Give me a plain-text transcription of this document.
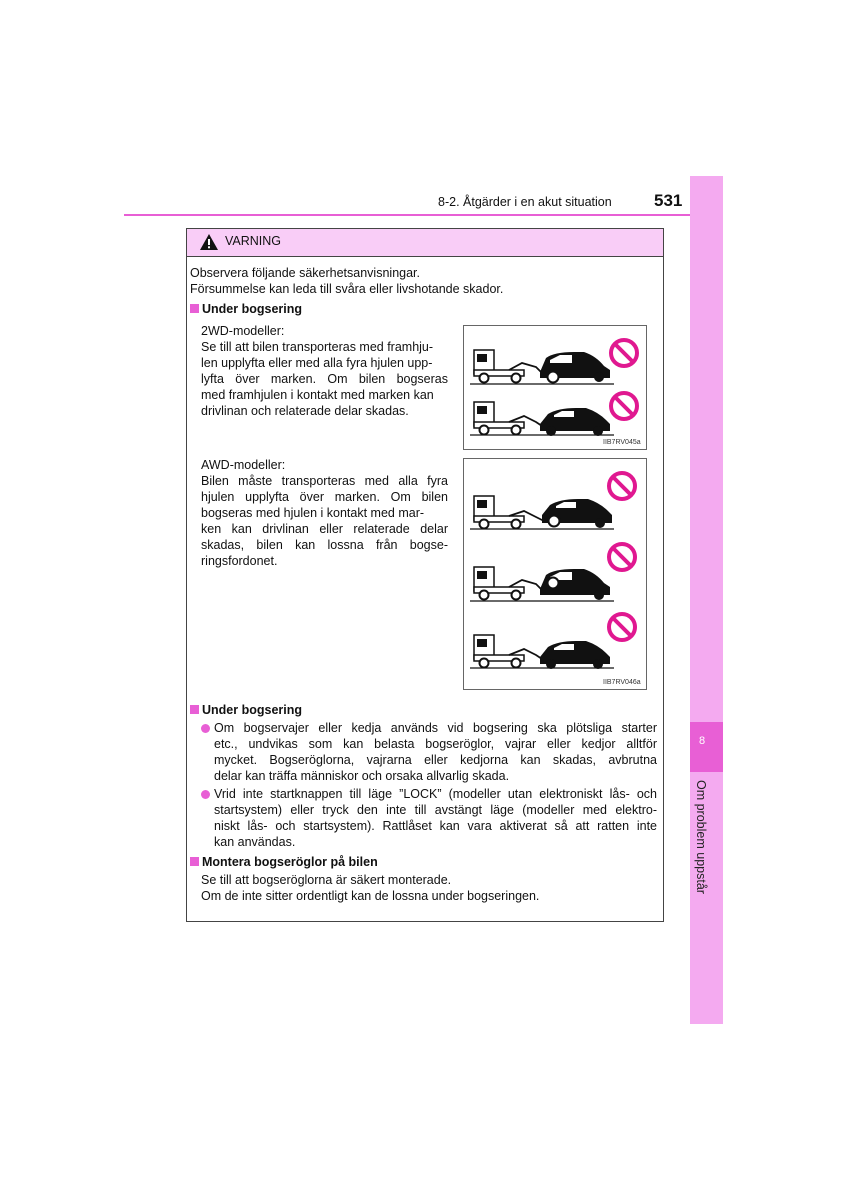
8-2. Åtgärder i en akut situation 531
8
Om problem uppstår
VARNING
Observera följande säkerhetsanvisningar.
Försummelse kan leda till svåra eller livshotande skador.
Under bogsering
2WD-modeller:
Se till att bilen transporteras med framhju-
len upplyfta eller med alla fyra hjulen upp-
lyfta över marken. Om bilen bogseras
med framhjulen i kontakt med marken kan
drivlinan och relaterade delar skadas.
IIB7RV045a
AWD-modeller:
Bilen måste transporteras med alla fyra
hjulen upplyfta över marken. Om bilen
bogseras med hjulen i kontakt med mar-
ken kan drivlinan eller relaterade delar
skadas, bilen kan lossna från bogse-
ringsfordonet.
IIB7RV046a
Under bogsering
Om bogservajer eller kedja används vid bogsering ska plötsliga starter
etc., undvikas som kan belasta bogseröglor, vajrar eller kedjor alltför
mycket. Bogseröglorna, vajrarna eller kedjorna kan skadas, avbrutna
delar kan träffa människor och orsaka allvarlig skada.
Vrid inte startknappen till läge ”LOCK” (modeller utan elektroniskt lås- och
startsystem) eller tryck den inte till avstängt läge (modeller med elektro-
niskt lås- och startsystem). Rattlåset kan vara aktiverat så att ratten inte
kan användas.
Montera bogseröglor på bilen
Se till att bogseröglorna är säkert monterade.
Om de inte sitter ordentligt kan de lossna under bogseringen.
